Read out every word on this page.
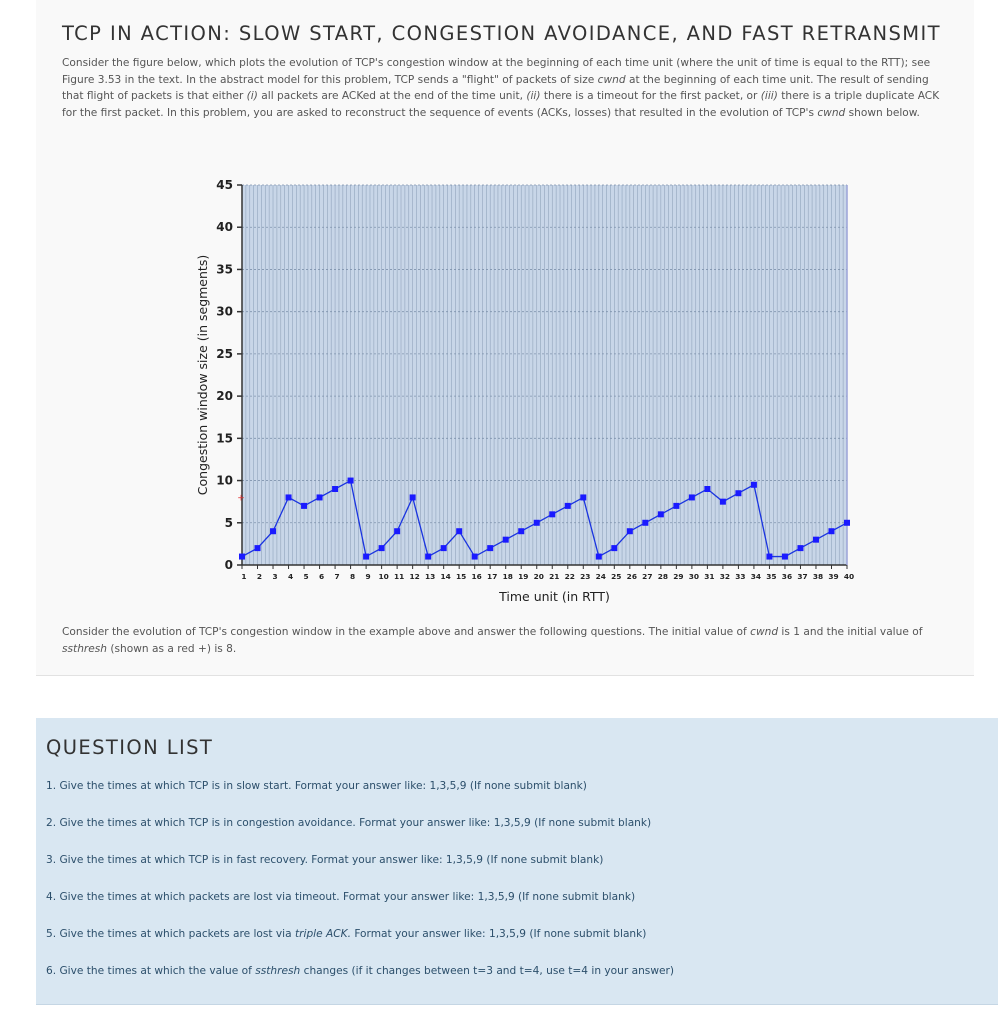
TCP IN ACTION: SLOW START, CONGESTION AVOIDANCE, AND FAST RETRANSMIT

Consider the figure below, which plots the evolution of TCP's congestion window at the beginning of each time unit (where the unit of time is equal to the RTT); see Figure 3.53 in the text. In the abstract model for this problem, TCP sends a "flight" of packets of size cwnd at the beginning of each time unit. The result of sending that flight of packets is that either (i) all packets are ACKed at the end of the time unit, (ii) there is a timeout for the first packet, or (iii) there is a triple duplicate ACK for the first packet. In this problem, you are asked to reconstruct the sequence of events (ACKs, losses) that resulted in the evolution of TCP's cwnd shown below.

Consider the evolution of TCP's congestion window in the example above and answer the following questions. The initial value of cwnd is 1 and the initial value of ssthresh (shown as a red +) is 8.
0
5
10
15
20
25
30
35
40
45
1 2 3 4 5 6 7 8 9 10 11 12 13 14 15 16 17 18 19 20 21 22 23 24 25 26 27 28 29 30 31 32 33 34 35 36 37 38 39 40
Time unit (in RTT)
Congestion window size (in segments)
+
QUESTION LIST
1. Give the times at which TCP is in slow start. Format your answer like: 1,3,5,9 (If none submit blank)
2. Give the times at which TCP is in congestion avoidance. Format your answer like: 1,3,5,9 (If none submit blank)
3. Give the times at which TCP is in fast recovery. Format your answer like: 1,3,5,9 (If none submit blank)
4. Give the times at which packets are lost via timeout. Format your answer like: 1,3,5,9 (If none submit blank)
5. Give the times at which packets are lost via triple ACK. Format your answer like: 1,3,5,9 (If none submit blank)
6. Give the times at which the value of ssthresh changes (if it changes between t=3 and t=4, use t=4 in your answer)
